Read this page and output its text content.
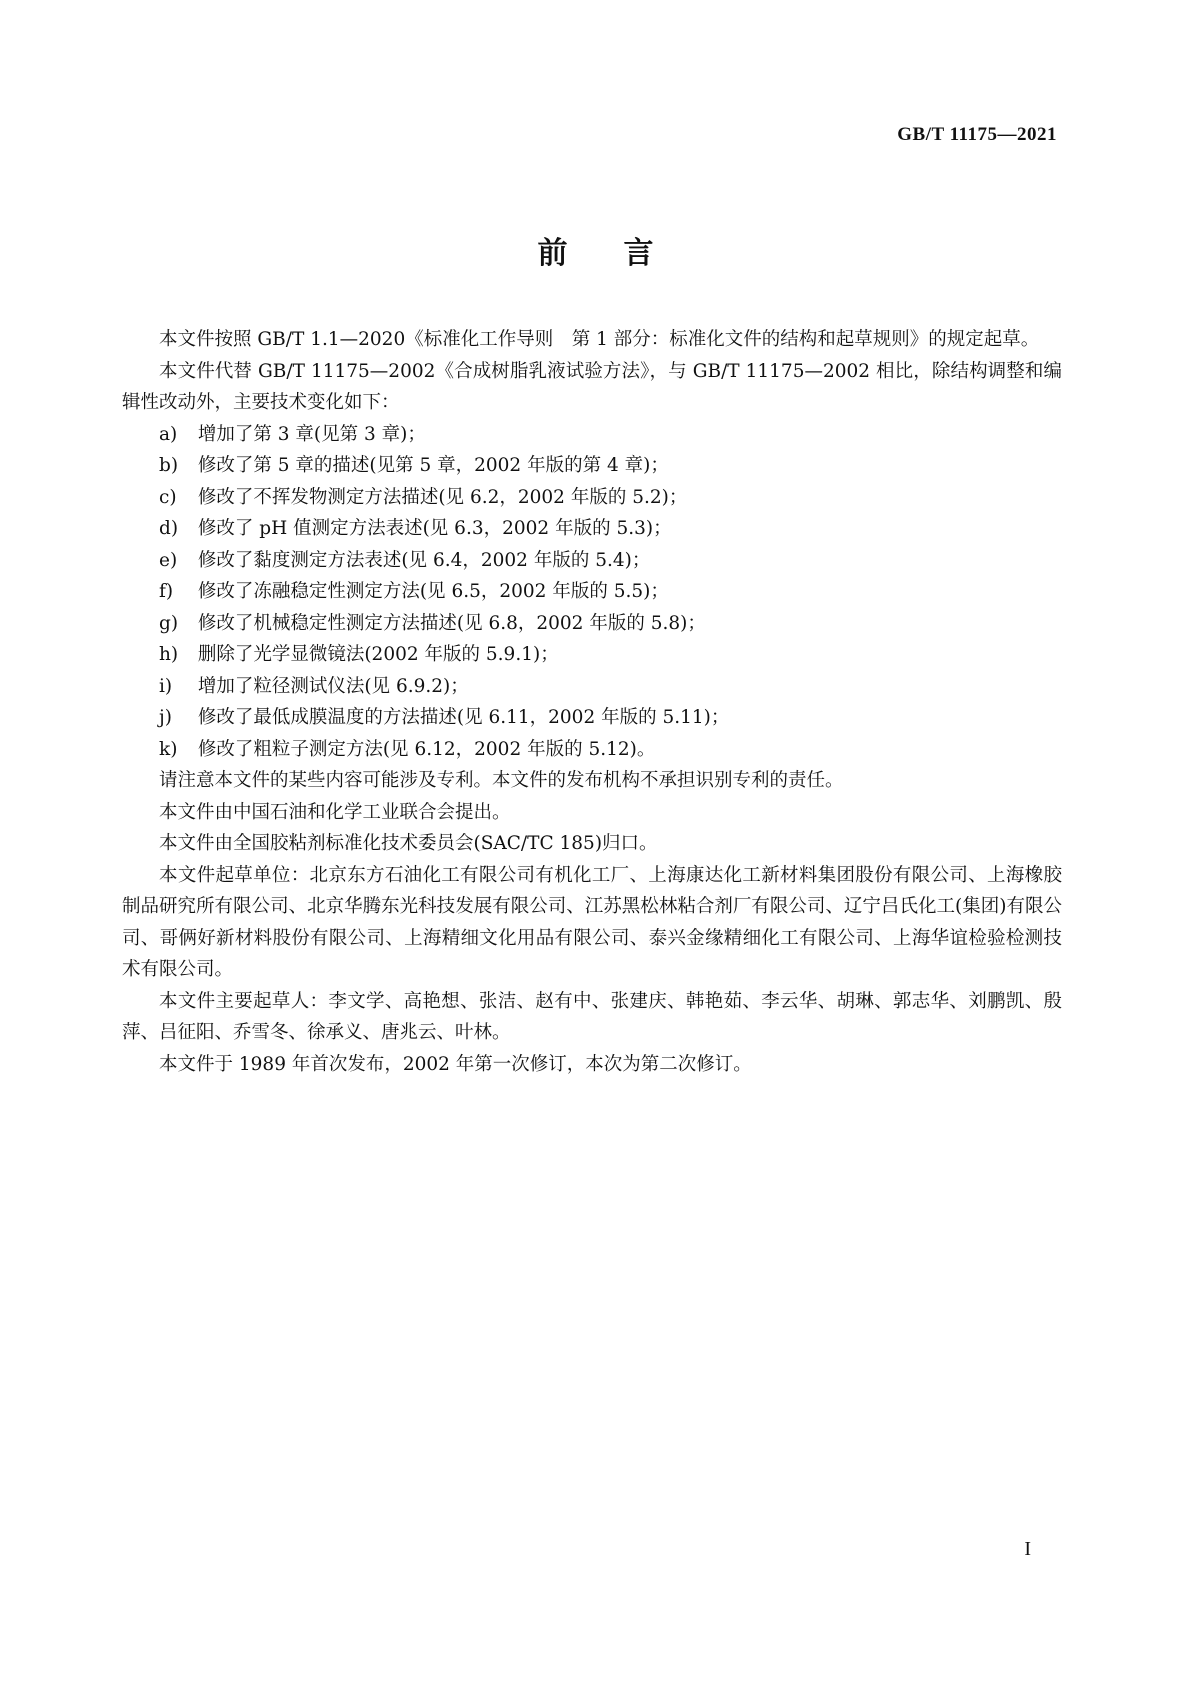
GB/T 11175—2021
前言

本文件按照 GB/T 1.1—2020《标准化工作导则　第 1 部分：标准化文件的结构和起草规则》的规定起草。

本文件代替 GB/T 11175—2002《合成树脂乳液试验方法》，与 GB/T 11175—2002 相比，除结构调整和编辑性改动外，主要技术变化如下：

a) 增加了第 3 章(见第 3 章)；
b) 修改了第 5 章的描述(见第 5 章，2002 年版的第 4 章)；
c) 修改了不挥发物测定方法描述(见 6.2，2002 年版的 5.2)；
d) 修改了 pH 值测定方法表述(见 6.3，2002 年版的 5.3)；
e) 修改了黏度测定方法表述(见 6.4，2002 年版的 5.4)；
f) 修改了冻融稳定性测定方法(见 6.5，2002 年版的 5.5)；
g) 修改了机械稳定性测定方法描述(见 6.8，2002 年版的 5.8)；
h) 删除了光学显微镜法(2002 年版的 5.9.1)；
i) 增加了粒径测试仪法(见 6.9.2)；
j) 修改了最低成膜温度的方法描述(见 6.11，2002 年版的 5.11)；
k) 修改了粗粒子测定方法(见 6.12，2002 年版的 5.12)。

请注意本文件的某些内容可能涉及专利。本文件的发布机构不承担识别专利的责任。

本文件由中国石油和化学工业联合会提出。

本文件由全国胶粘剂标准化技术委员会(SAC/TC 185)归口。

本文件起草单位：北京东方石油化工有限公司有机化工厂、上海康达化工新材料集团股份有限公司、上海橡胶制品研究所有限公司、北京华腾东光科技发展有限公司、江苏黑松林粘合剂厂有限公司、辽宁吕氏化工(集团)有限公司、哥俩好新材料股份有限公司、上海精细文化用品有限公司、泰兴金缘精细化工有限公司、上海华谊检验检测技术有限公司。

本文件主要起草人：李文学、高艳想、张洁、赵有中、张建庆、韩艳茹、李云华、胡琳、郭志华、刘鹏凯、殷萍、吕征阳、乔雪冬、徐承义、唐兆云、叶林。

本文件于 1989 年首次发布，2002 年第一次修订，本次为第二次修订。

I
